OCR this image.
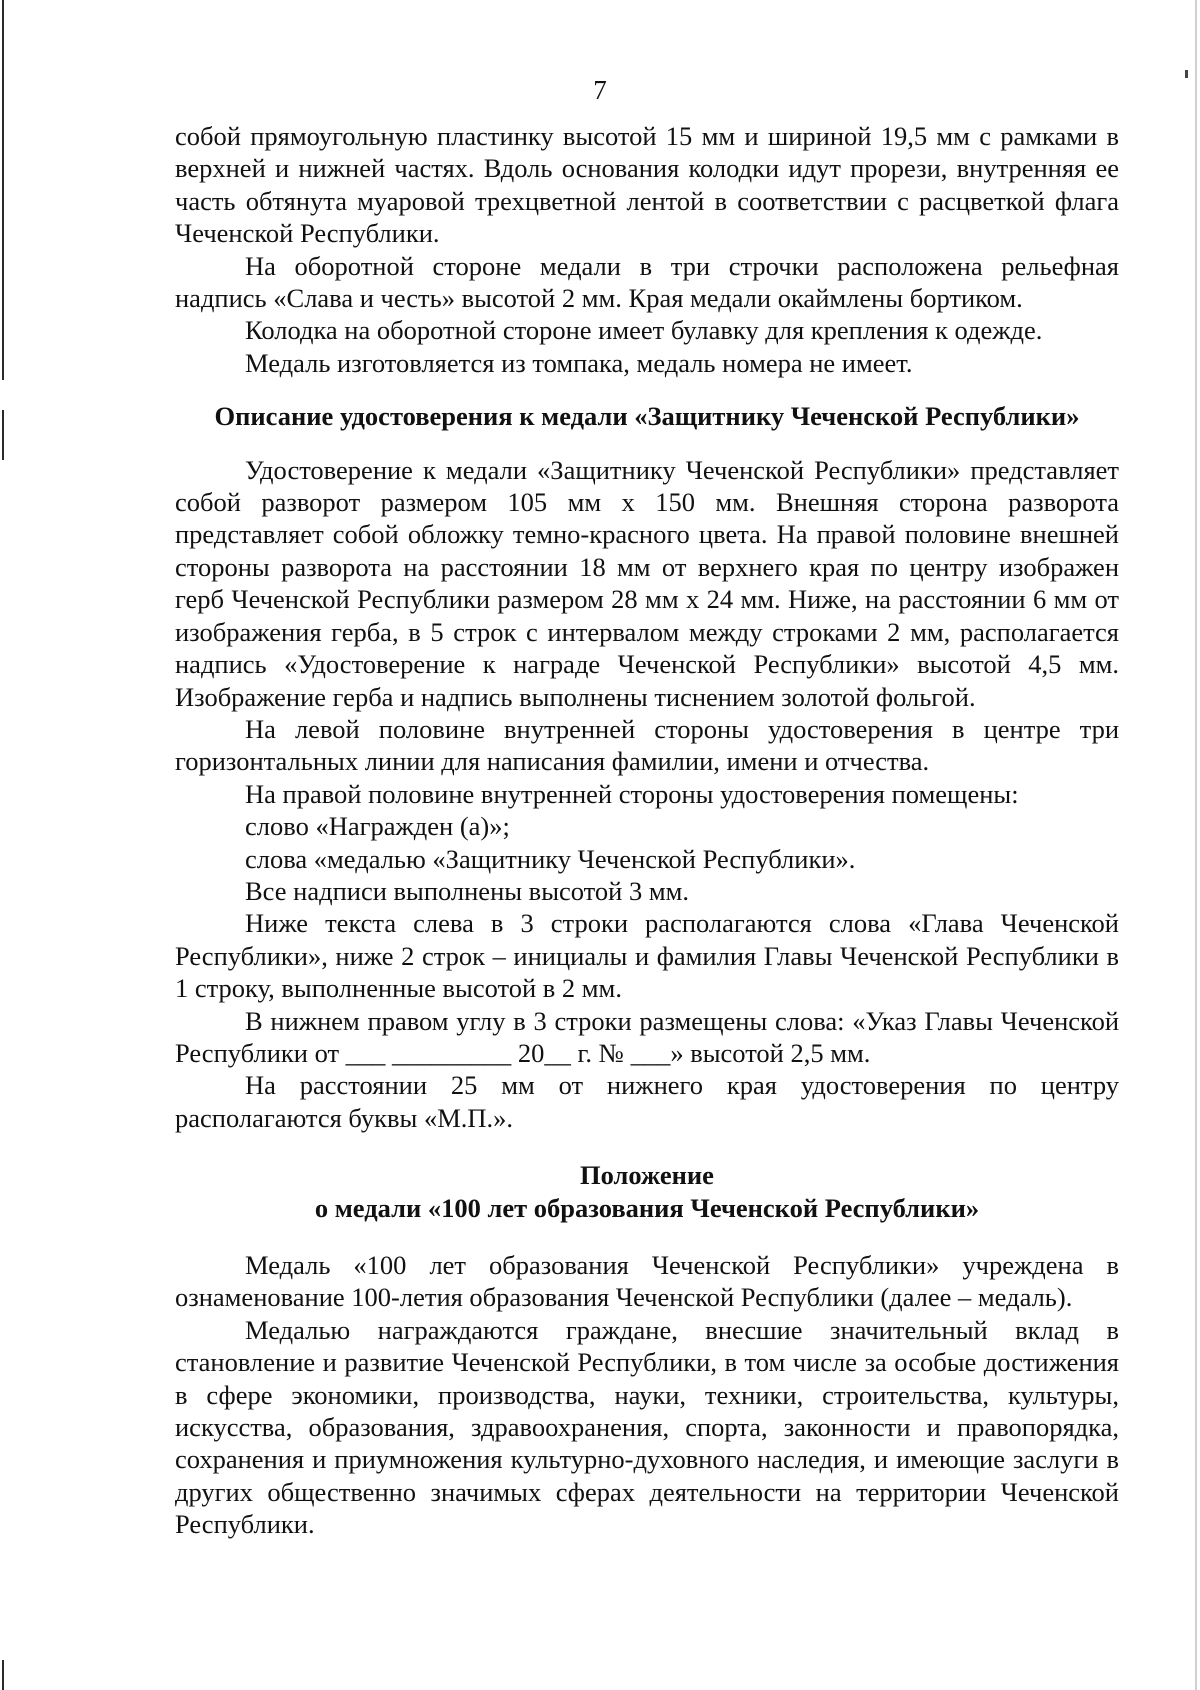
7

собой прямоугольную пластинку высотой 15 мм и шириной 19,5 мм с рамками в верхней и нижней частях. Вдоль основания колодки идут прорези, внутренняя ее часть обтянута муаровой трехцветной лентой в соответствии с расцветкой флага Чеченской Республики.

На оборотной стороне медали в три строчки расположена рельефная надпись «Слава и честь» высотой 2 мм. Края медали окаймлены бортиком.

Колодка на оборотной стороне имеет булавку для крепления к одежде.

Медаль изготовляется из томпака, медаль номера не имеет.

Описание удостоверения к медали «Защитнику Чеченской Республики»

Удостоверение к медали «Защитнику Чеченской Республики» представляет собой разворот размером 105 мм х 150 мм. Внешняя сторона разворота представляет собой обложку темно-красного цвета. На правой половине внешней стороны разворота на расстоянии 18 мм от верхнего края по центру изображен герб Чеченской Республики размером 28 мм х 24 мм. Ниже, на расстоянии 6 мм от изображения герба, в 5 строк с интервалом между строками 2 мм, располагается надпись «Удостоверение к награде Чеченской Республики» высотой 4,5 мм. Изображение герба и надпись выполнены тиснением золотой фольгой.

На левой половине внутренней стороны удостоверения в центре три горизонтальных линии для написания фамилии, имени и отчества.

На правой половине внутренней стороны удостоверения помещены:

слово «Награжден (а)»;

слова «медалью «Защитнику Чеченской Республики».

Все надписи выполнены высотой 3 мм.

Ниже текста слева в 3 строки располагаются слова «Глава Чеченской Республики», ниже 2 строк – инициалы и фамилия Главы Чеченской Республики в 1 строку, выполненные высотой в 2 мм.

В нижнем правом углу в 3 строки размещены слова: «Указ Главы Чеченской Республики от ___ _________ 20__ г. № ___» высотой 2,5 мм.

На расстоянии 25 мм от нижнего края удостоверения по центру располагаются буквы «М.П.».

Положение
о медали «100 лет образования Чеченской Республики»

Медаль «100 лет образования Чеченской Республики» учреждена в ознаменование 100-летия образования Чеченской Республики (далее – медаль).

Медалью награждаются граждане, внесшие значительный вклад в становление и развитие Чеченской Республики, в том числе за особые достижения в сфере экономики, производства, науки, техники, строительства, культуры, искусства, образования, здравоохранения, спорта, законности и правопорядка, сохранения и приумножения культурно-духовного наследия, и имеющие заслуги в других общественно значимых сферах деятельности на территории Чеченской Республики.
